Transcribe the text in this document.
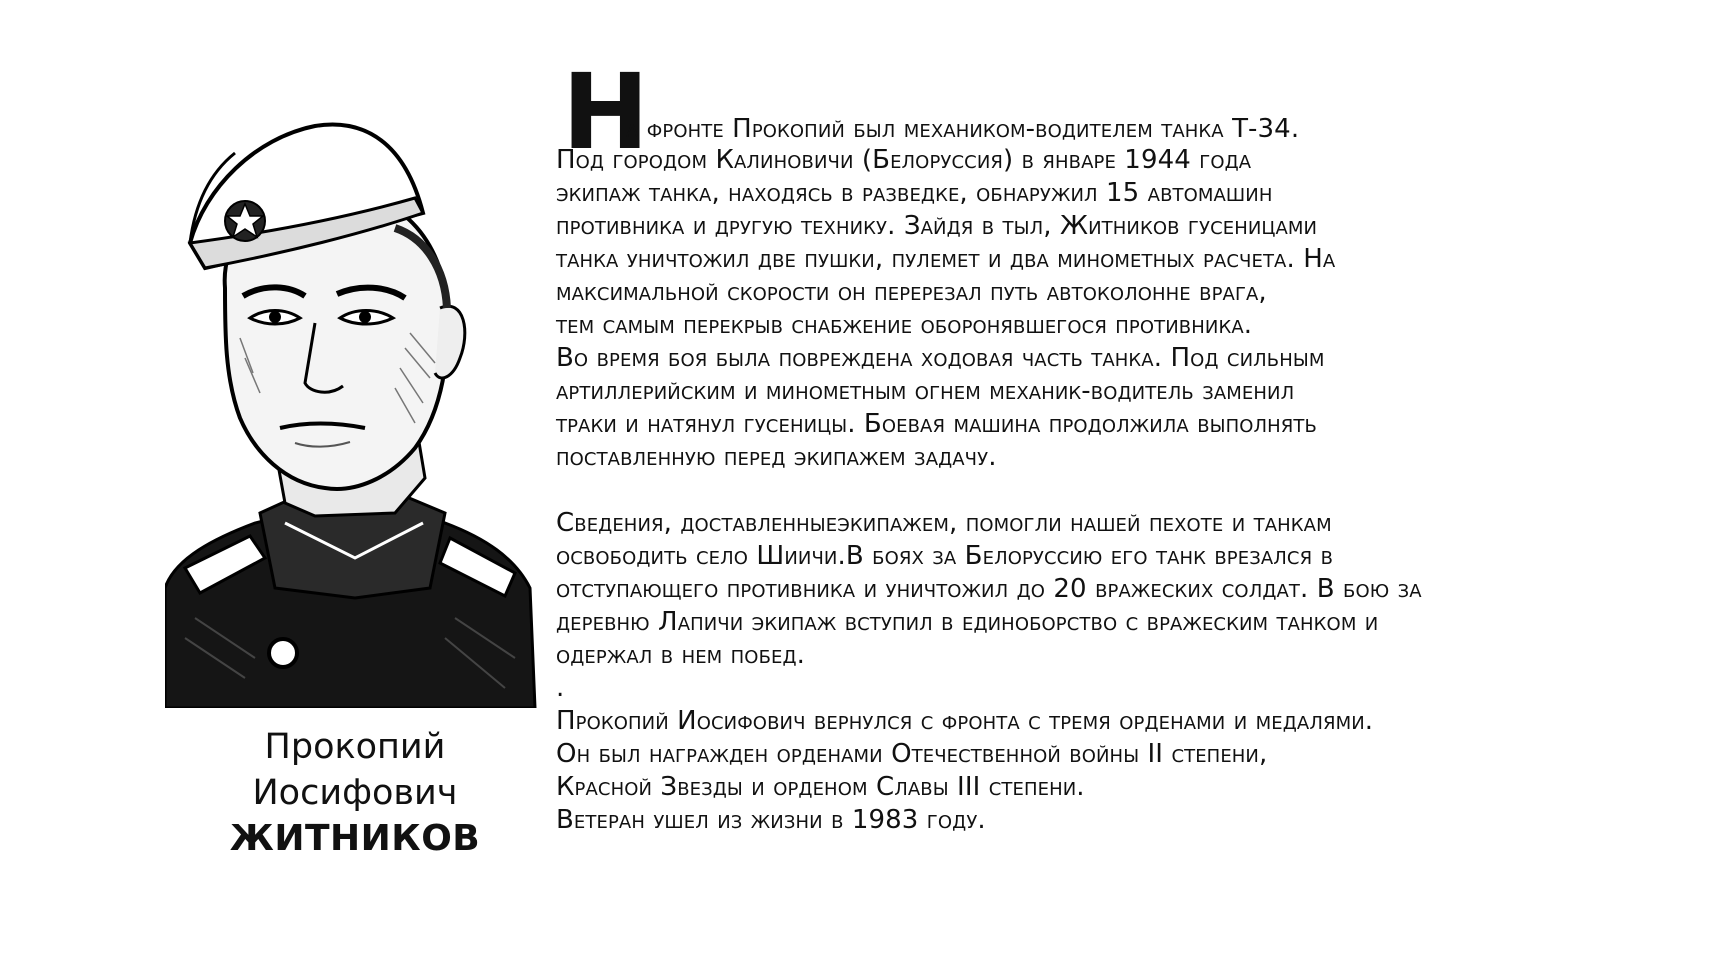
Прокопий
Иосифович
ЖИТНИКОВ
Н
а фронте Прокопий был механиком-водителем танка Т-34.
Под городом Калиновичи (Белоруссия) в январе 1944 года
экипаж танка, находясь в разведке, обнаружил 15 автомашин
противника и другую технику. Зайдя в тыл, Житников гусеницами
танка уничтожил две пушки, пулемет и два минометных расчета. На
максимальной скорости он перерезал путь автоколонне врага,
тем самым перекрыв снабжение оборонявшегося противника.
Во время боя была повреждена ходовая часть танка. Под сильным
артиллерийским и минометным огнем механик-водитель заменил
траки и натянул гусеницы. Боевая машина продолжила выполнять
поставленную перед экипажем задачу.
Сведения, доставленныеэкипажем, помогли нашей пехоте и танкам
освободить село Шиичи.В боях за Белоруссию его танк врезался в
отступающего противника и уничтожил до 20 вражеских солдат. В бою за
деревню Лапичи экипаж вступил в единоборство с вражеским танком и
одержал в нем побед.
.
Прокопий Иосифович вернулся с фронта с тремя орденами и медалями.
Он был награжден орденами Отечественной войны II степени,
Красной Звезды и орденом Славы III степени.
Ветеран ушел из жизни в 1983 году.
